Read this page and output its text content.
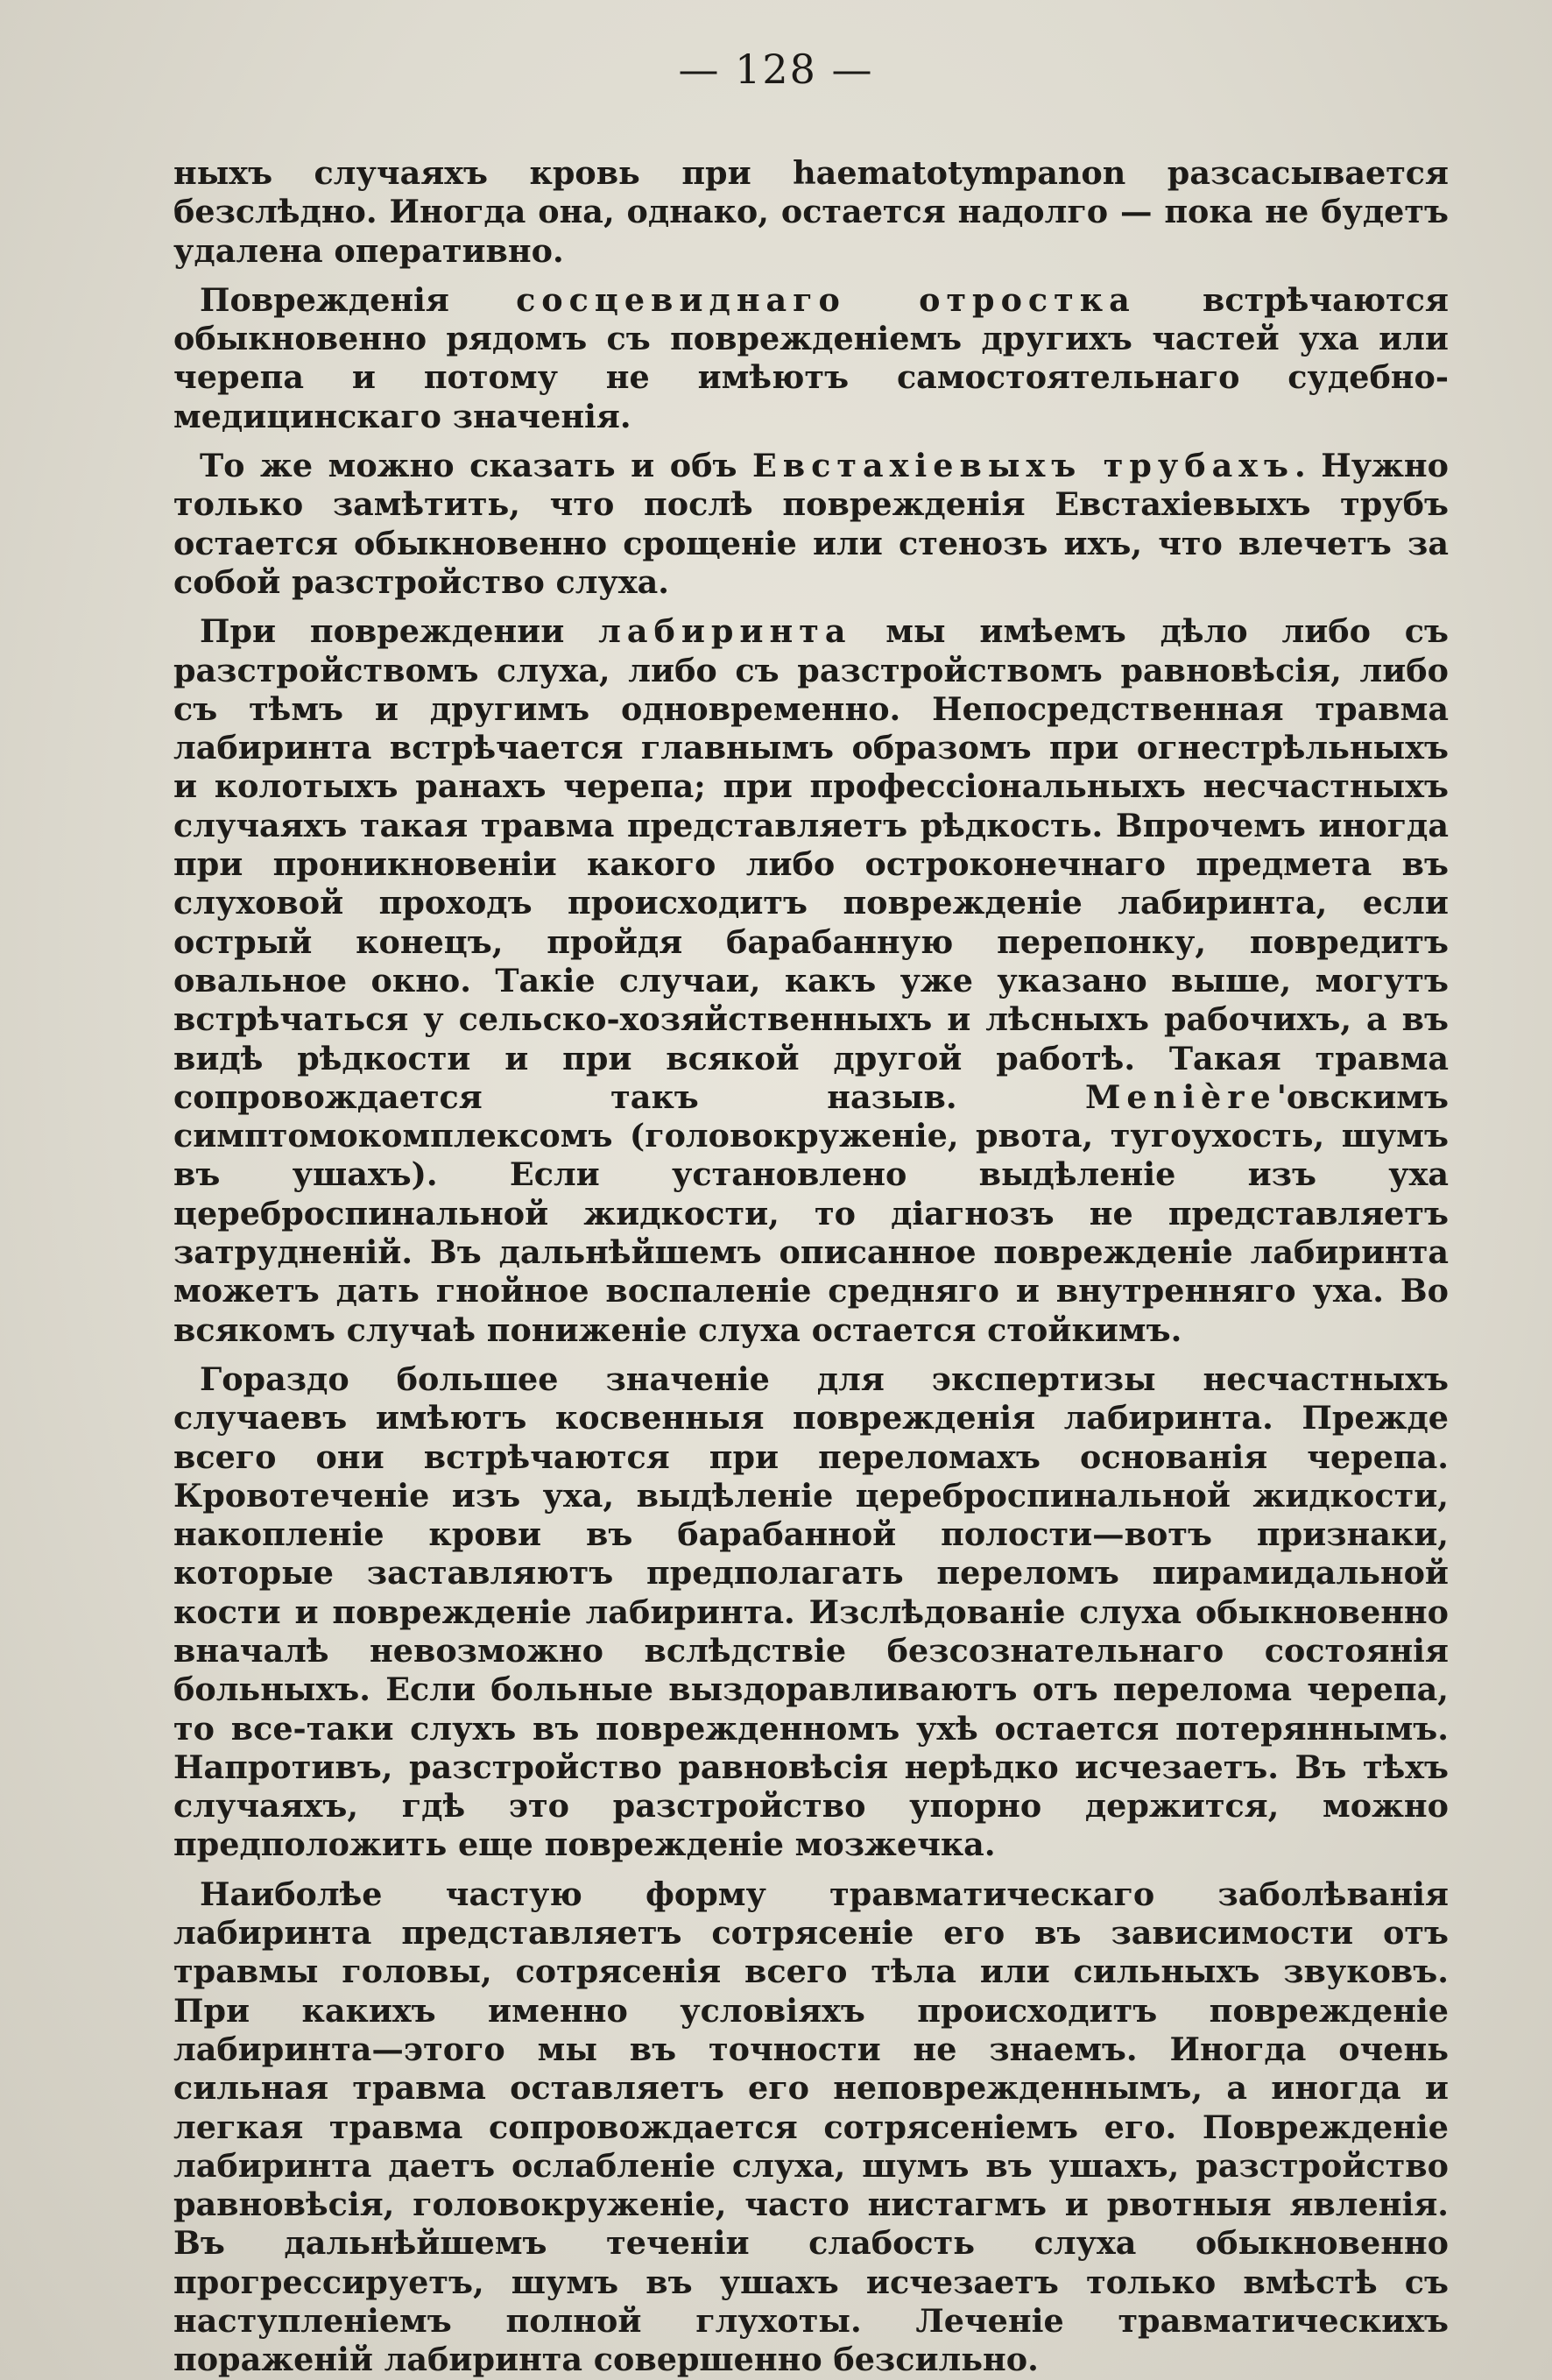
— 128 —

ныхъ случаяхъ кровь при haematotympanon разсасывается безслѣдно. Иногда она, однако, остается надолго — пока не будетъ удалена оперативно.

Поврежденія сосцевиднаго отростка встрѣчаются обыкновенно рядомъ съ поврежденіемъ другихъ частей уха или черепа и потому не имѣютъ самостоятельнаго судебно-медицинскаго значенія.

То же можно сказать и объ Евстахіевыхъ трубахъ. Нужно только замѣтить, что послѣ поврежденія Евстахіевыхъ трубъ остается обыкновенно срощеніе или стенозъ ихъ, что влечетъ за собой разстройство слуха.

При повреждении лабиринта мы имѣемъ дѣло либо съ разстройствомъ слуха, либо съ разстройствомъ равновѣсія, либо съ тѣмъ и другимъ одновременно. Непосредственная травма лабиринта встрѣчается главнымъ образомъ при огнестрѣльныхъ и колотыхъ ранахъ черепа; при профессіональныхъ несчастныхъ случаяхъ такая травма представляетъ рѣдкость. Впрочемъ иногда при проникновеніи какого либо остроконечнаго предмета въ слуховой проходъ происходитъ поврежденіе лабиринта, если острый конецъ, пройдя барабанную перепонку, повредитъ овальное окно. Такіе случаи, какъ уже указано выше, могутъ встрѣчаться у сельско-хозяйственныхъ и лѣсныхъ рабочихъ, а въ видѣ рѣдкости и при всякой другой работѣ. Такая травма сопровождается такъ назыв. Menière'овскимъ симптомокомплексомъ (головокруженіе, рвота, тугоухость, шумъ въ ушахъ). Если установлено выдѣленіе изъ уха цереброспинальной жидкости, то діагнозъ не представляетъ затрудненій. Въ дальнѣйшемъ описанное поврежденіе лабиринта можетъ дать гнойное воспаленіе средняго и внутренняго уха. Во всякомъ случаѣ пониженіе слуха остается стойкимъ.

Гораздо большее значеніе для экспертизы несчастныхъ случаевъ имѣютъ косвенныя поврежденія лабиринта. Прежде всего они встрѣчаются при переломахъ основанія черепа. Кровотеченіе изъ уха, выдѣленіе цереброспинальной жидкости, накопленіе крови въ барабанной полости—вотъ признаки, которые заставляютъ предполагать переломъ пирамидальной кости и поврежденіе лабиринта. Изслѣдованіе слуха обыкновенно вначалѣ невозможно вслѣдствіе безсознательнаго состоянія больныхъ. Если больные выздоравливаютъ отъ перелома черепа, то все-таки слухъ въ поврежденномъ ухѣ остается потеряннымъ. Напротивъ, разстройство равновѣсія нерѣдко исчезаетъ. Въ тѣхъ случаяхъ, гдѣ это разстройство упорно держится, можно предположить еще поврежденіе мозжечка.

Наиболѣе частую форму травматическаго заболѣванія лабиринта представляетъ сотрясеніе его въ зависимости отъ травмы головы, сотрясенія всего тѣла или сильныхъ звуковъ. При какихъ именно условіяхъ происходитъ поврежденіе лабиринта—этого мы въ точности не знаемъ. Иногда очень сильная травма оставляетъ его неповрежденнымъ, а иногда и легкая травма сопровождается сотрясеніемъ его. Поврежденіе лабиринта даетъ ослабленіе слуха, шумъ въ ушахъ, разстройство равновѣсія, головокруженіе, часто нистагмъ и рвотныя явленія. Въ дальнѣйшемъ теченіи слабость слуха обыкновенно прогрессируетъ, шумъ въ ушахъ исчезаетъ только вмѣстѣ съ наступленіемъ полной глухоты. Леченіе травматическихъ пораженій лабиринта совершенно безсильно.
